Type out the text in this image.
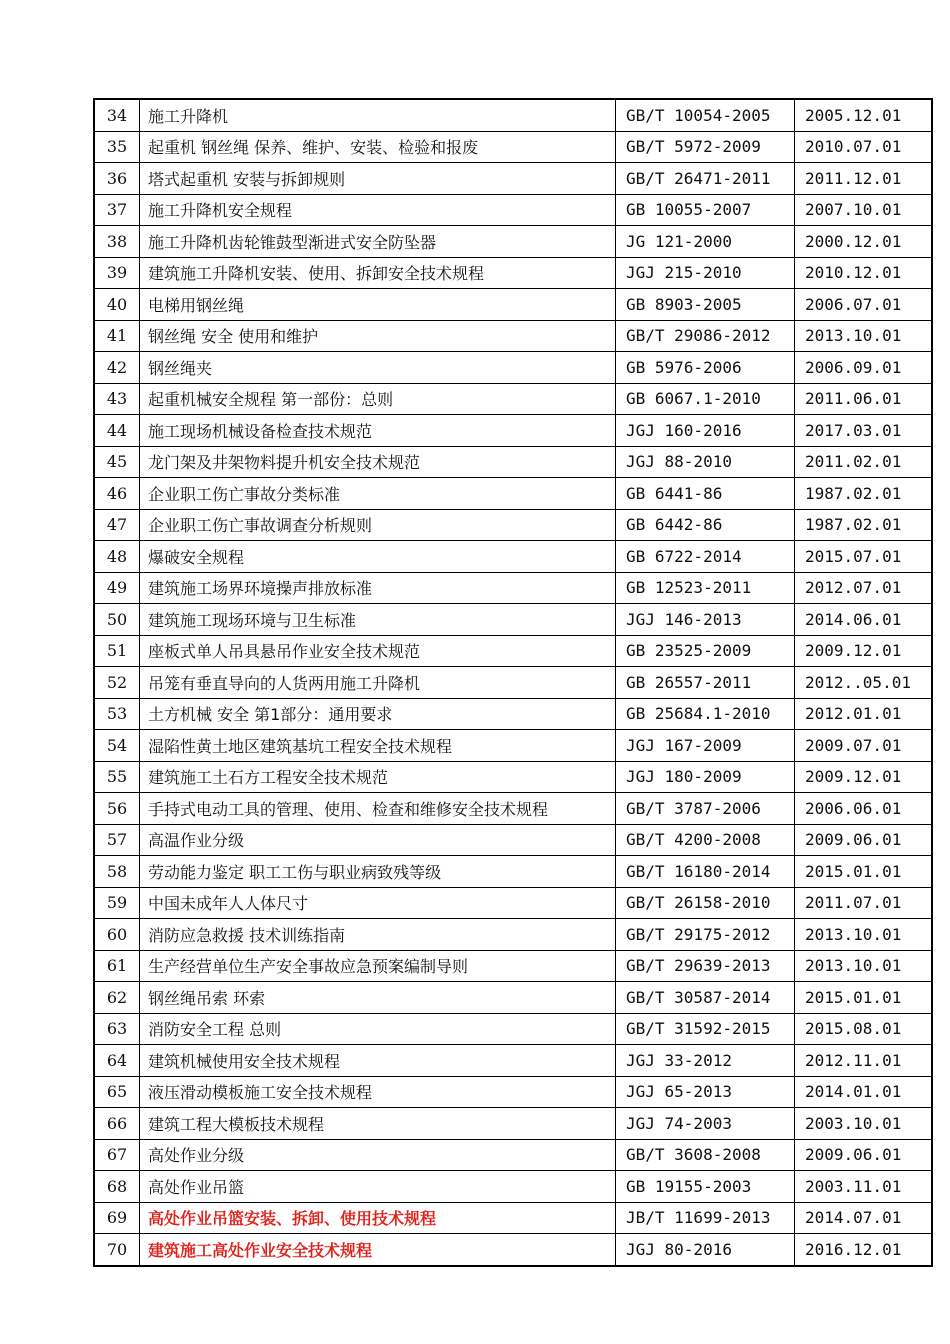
34	施工升降机	GB/T 10054-2005	2005.12.01
35	起重机 钢丝绳 保养、维护、安装、检验和报废	GB/T 5972-2009	2010.07.01
36	塔式起重机 安装与拆卸规则	GB/T 26471-2011	2011.12.01
37	施工升降机安全规程	GB 10055-2007	2007.10.01
38	施工升降机齿轮锥鼓型渐进式安全防坠器	JG 121-2000	2000.12.01
39	建筑施工升降机安装、使用、拆卸安全技术规程	JGJ 215-2010	2010.12.01
40	电梯用钢丝绳	GB 8903-2005	2006.07.01
41	钢丝绳 安全 使用和维护	GB/T 29086-2012	2013.10.01
42	钢丝绳夹	GB 5976-2006	2006.09.01
43	起重机械安全规程 第一部份：总则	GB 6067.1-2010	2011.06.01
44	施工现场机械设备检查技术规范	JGJ 160-2016	2017.03.01
45	龙门架及井架物料提升机安全技术规范	JGJ 88-2010	2011.02.01
46	企业职工伤亡事故分类标准	GB 6441-86	1987.02.01
47	企业职工伤亡事故调查分析规则	GB 6442-86	1987.02.01
48	爆破安全规程	GB 6722-2014	2015.07.01
49	建筑施工场界环境操声排放标准	GB 12523-2011	2012.07.01
50	建筑施工现场环境与卫生标准	JGJ 146-2013	2014.06.01
51	座板式单人吊具悬吊作业安全技术规范	GB 23525-2009	2009.12.01
52	吊笼有垂直导向的人货两用施工升降机	GB 26557-2011	2012..05.01
53	土方机械 安全 第1部分：通用要求	GB 25684.1-2010	2012.01.01
54	湿陷性黄土地区建筑基坑工程安全技术规程	JGJ 167-2009	2009.07.01
55	建筑施工土石方工程安全技术规范	JGJ 180-2009	2009.12.01
56	手持式电动工具的管理、使用、检查和维修安全技术规程	GB/T 3787-2006	2006.06.01
57	高温作业分级	GB/T 4200-2008	2009.06.01
58	劳动能力鉴定 职工工伤与职业病致残等级	GB/T 16180-2014	2015.01.01
59	中国未成年人人体尺寸	GB/T 26158-2010	2011.07.01
60	消防应急救援 技术训练指南	GB/T 29175-2012	2013.10.01
61	生产经营单位生产安全事故应急预案编制导则	GB/T 29639-2013	2013.10.01
62	钢丝绳吊索 环索	GB/T 30587-2014	2015.01.01
63	消防安全工程 总则	GB/T 31592-2015	2015.08.01
64	建筑机械使用安全技术规程	JGJ 33-2012	2012.11.01
65	液压滑动模板施工安全技术规程	JGJ 65-2013	2014.01.01
66	建筑工程大模板技术规程	JGJ 74-2003	2003.10.01
67	高处作业分级	GB/T 3608-2008	2009.06.01
68	高处作业吊篮	GB 19155-2003	2003.11.01
69	高处作业吊篮安装、拆卸、使用技术规程	JB/T 11699-2013	2014.07.01
70	建筑施工高处作业安全技术规程	JGJ 80-2016	2016.12.01
